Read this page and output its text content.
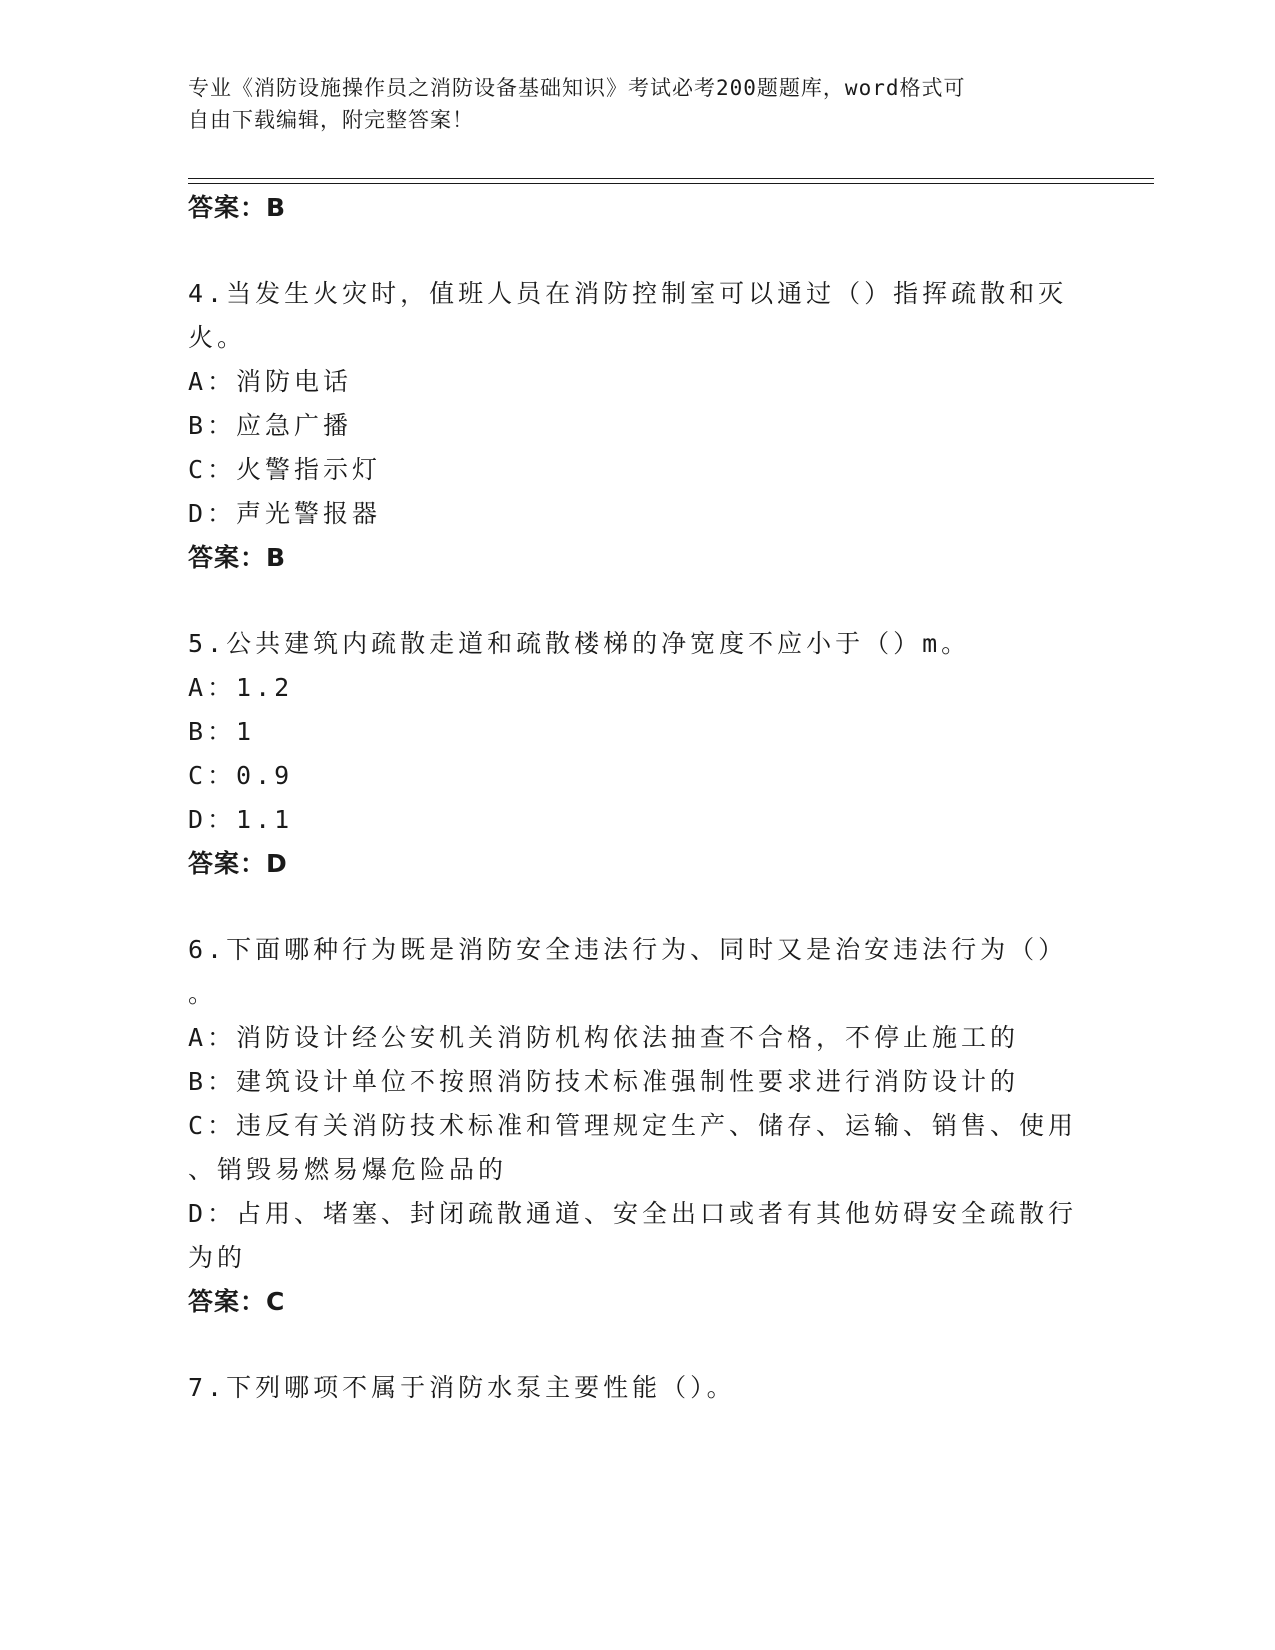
专业《消防设施操作员之消防设备基础知识》考试必考200题题库，word格式可
自由下载编辑，附完整答案！
答案：B
4.当发生火灾时，值班人员在消防控制室可以通过（）指挥疏散和灭
火。
A：消防电话
B：应急广播
C：火警指示灯
D：声光警报器
答案：B
5.公共建筑内疏散走道和疏散楼梯的净宽度不应小于（）m。
A：1.2
B：1
C：0.9
D：1.1
答案：D
6.下面哪种行为既是消防安全违法行为、同时又是治安违法行为（）
。
A：消防设计经公安机关消防机构依法抽查不合格，不停止施工的
B：建筑设计单位不按照消防技术标准强制性要求进行消防设计的
C：违反有关消防技术标准和管理规定生产、储存、运输、销售、使用
、销毁易燃易爆危险品的
D：占用、堵塞、封闭疏散通道、安全出口或者有其他妨碍安全疏散行
为的
答案：C
7.下列哪项不属于消防水泵主要性能（）。
